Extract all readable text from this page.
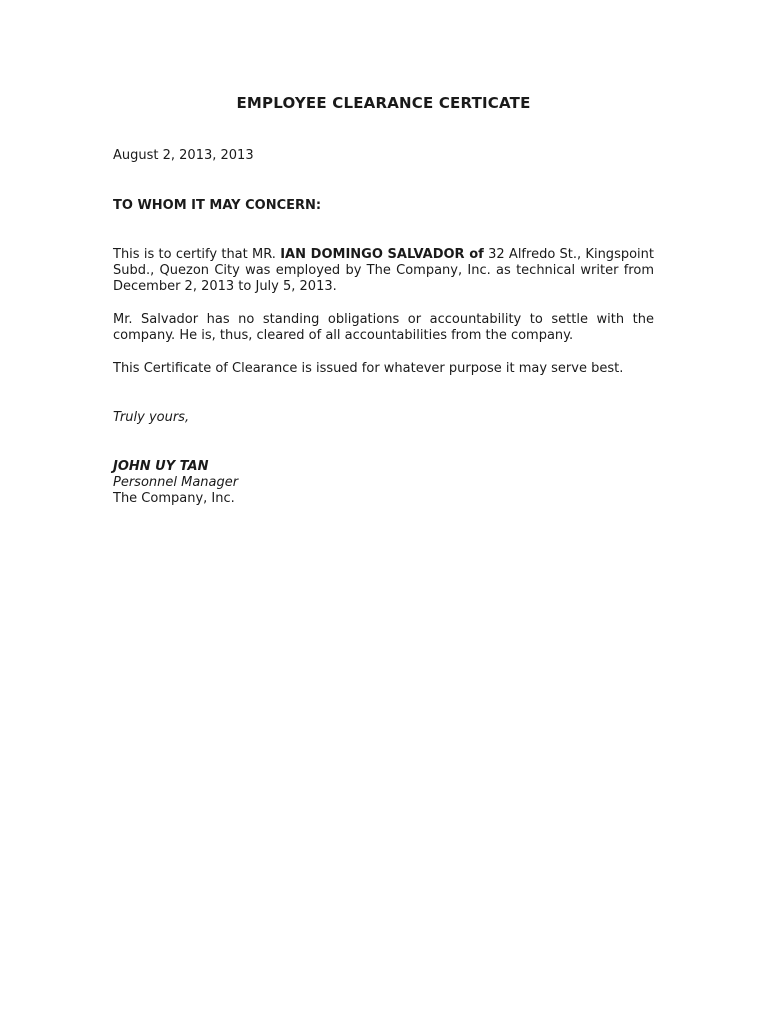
EMPLOYEE CLEARANCE CERTICATE
August 2, 2013, 2013
TO WHOM IT MAY CONCERN:

This is to certify that MR. IAN DOMINGO SALVADOR of 32 Alfredo St., Kingspoint Subd., Quezon City was employed by The Company, Inc. as technical writer from December 2, 2013 to July 5, 2013.

Mr. Salvador has no standing obligations or accountability to settle with the company. He is, thus, cleared of all accountabilities from the company.

This Certificate of Clearance is issued for whatever purpose it may serve best.

Truly yours,
JOHN UY TAN
Personnel Manager
The Company, Inc.
